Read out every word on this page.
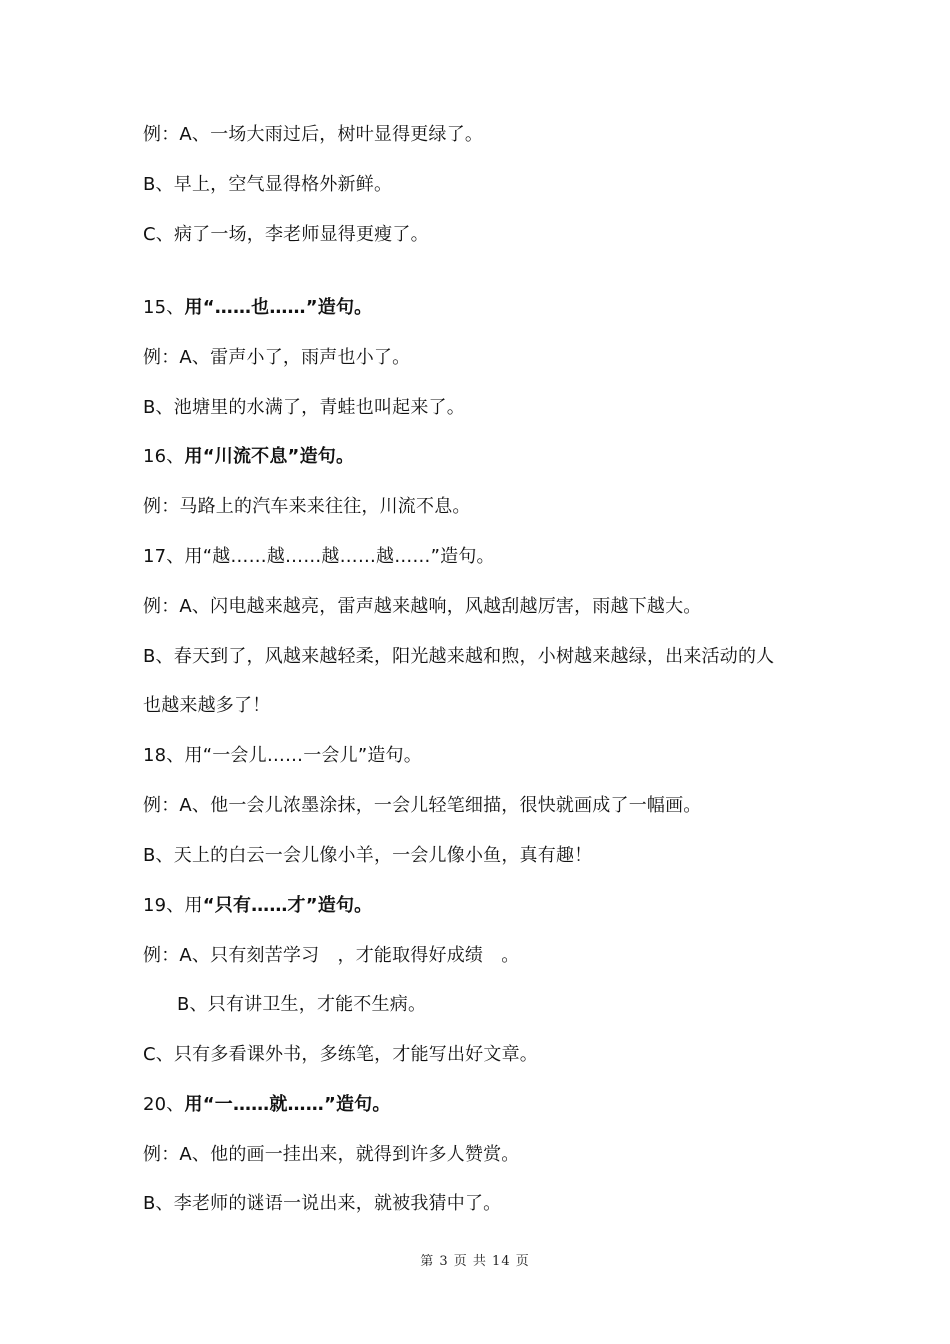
例：A、一场大雨过后，树叶显得更绿了。
B、早上，空气显得格外新鲜。
C、病了一场，李老师显得更瘦了。
15、用“……也……”造句。
例：A、雷声小了，雨声也小了。
B、池塘里的水满了，青蛙也叫起来了。
16、用“川流不息”造句。
例：马路上的汽车来来往往，川流不息。
17、用“越……越……越……越……”造句。
例：A、闪电越来越亮，雷声越来越响，风越刮越厉害，雨越下越大。
B、春天到了，风越来越轻柔，阳光越来越和煦，小树越来越绿，出来活动的人
也越来越多了！
18、用“一会儿……一会儿”造句。
例：A、他一会儿浓墨涂抹，一会儿轻笔细描，很快就画成了一幅画。
B、天上的白云一会儿像小羊，一会儿像小鱼，真有趣！
19、用“只有……才”造句。
例：A、只有刻苦学习　，才能取得好成绩　。
B、只有讲卫生，才能不生病。
C、只有多看课外书，多练笔，才能写出好文章。
20、用“一……就……”造句。
例：A、他的画一挂出来，就得到许多人赞赏。
B、李老师的谜语一说出来，就被我猜中了。
第 3 页 共 14 页
